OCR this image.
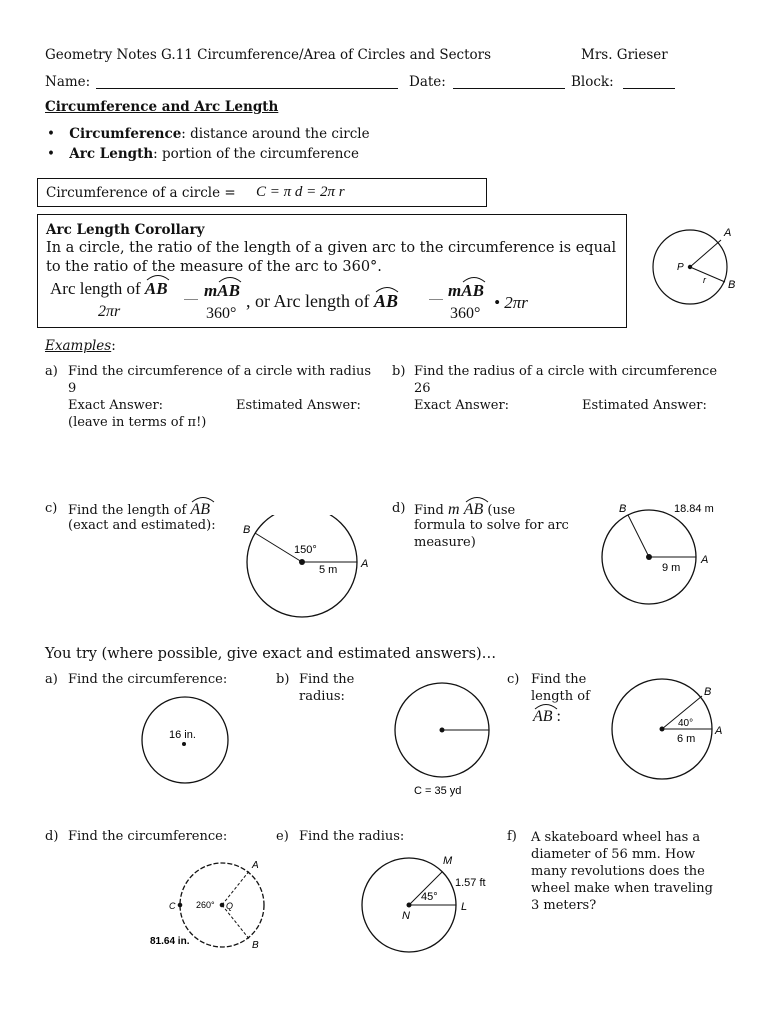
Geometry Notes G.11 Circumference/Area of Circles and Sectors	Mrs. Grieser
Name:	Date:	Block:
Circumference and Arc Length
• Circumference: distance around the circle
• Arc Length: portion of the circumference
Circumference of a circle = C = π d = 2π r
Arc Length Corollary
In a circle, the ratio of the length of a given arc to the circumference is equal
to the ratio of the measure of the arc to 360°.
Arc length of AB
2πr
m
AB
360°
, or Arc length of AB
m
AB
360°
• 2πr
P
A
B
r
Examples:
a) Find the circumference of a circle with radius
9
Exact Answer:	Estimated Answer:
(leave in terms of π!)
b) Find the radius of a circle with circumference
26
Exact Answer:	Estimated Answer:
c) Find the length of AB
(exact and estimated): B
A
150°
5 m
d) Find m AB (use
formula to solve for arc
measure)
B
A
18.84 m
9 m
You try (where possible, give exact and estimated answers)…
a) Find the circumference:
16 in.
b) Find the
radius:
C = 35 yd
c) Find the
length of
AB :
B
A
40°
6 m
d) Find the circumference:
A
B
C	Q
260°
81.64 in.
e) Find the radius:
M
N
L
45°
1.57 ft
f) A skateboard wheel has a
diameter of 56 mm. How
many revolutions does the
wheel make when traveling
3 meters?
